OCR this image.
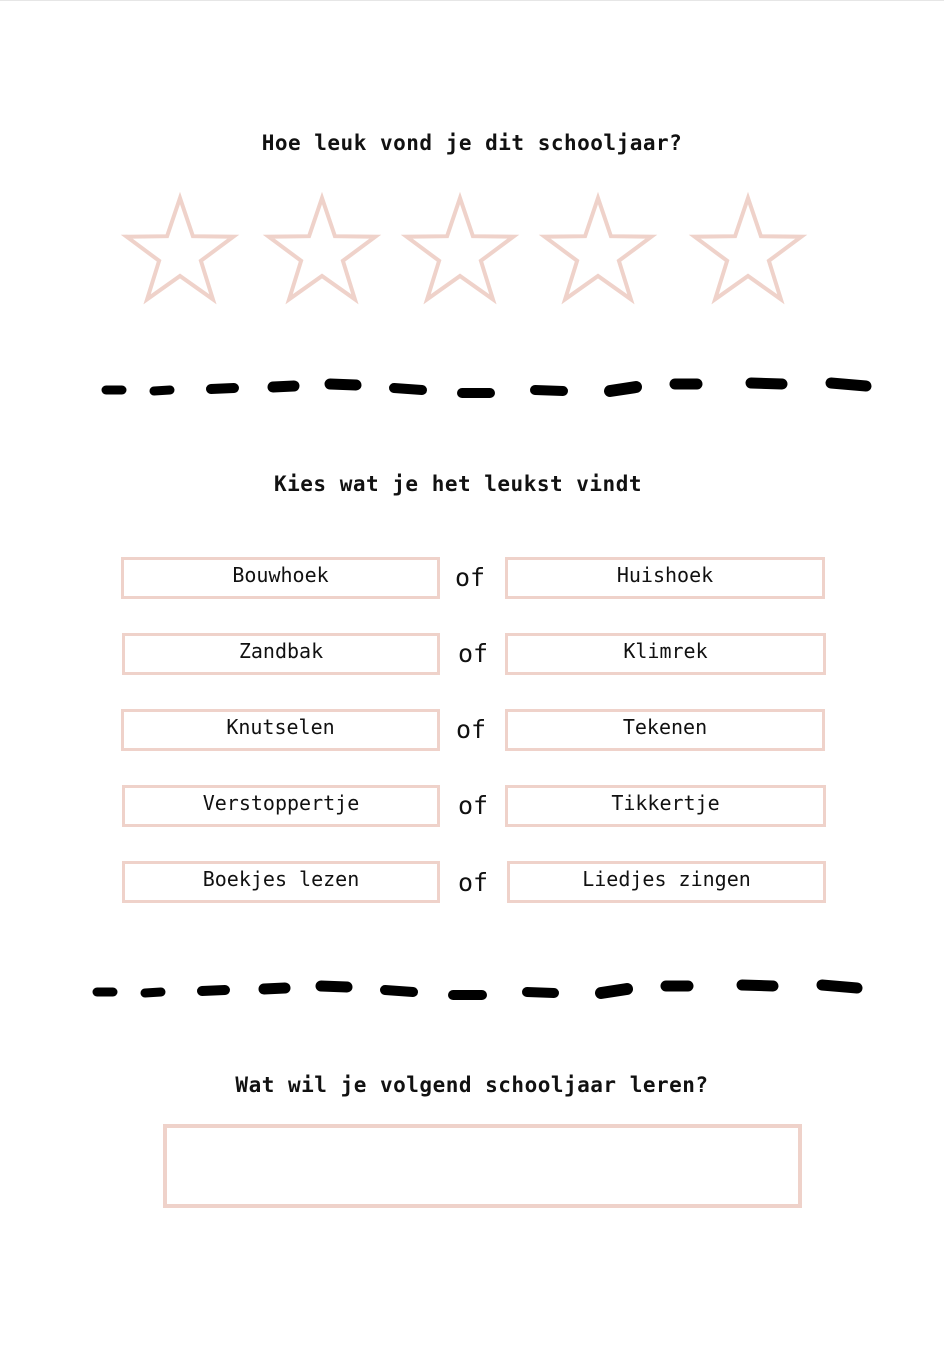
Hoe leuk vond je dit schooljaar?
Kies wat je het leukst vindt
Bouwhoek	of	Huishoek
Zandbak	of	Klimrek
Knutselen	of	Tekenen
Verstoppertje	of	Tikkertje
Boekjes lezen	of	Liedjes zingen
Wat wil je volgend schooljaar leren?
